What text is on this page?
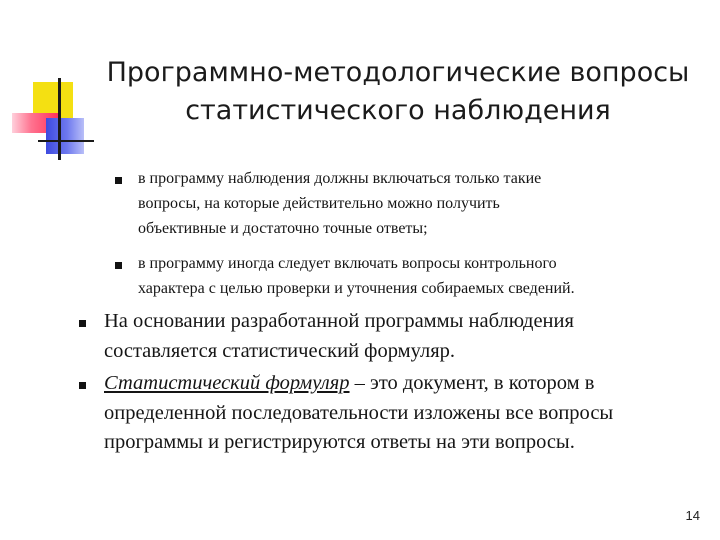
Программно-методологические вопросы
статистического наблюдения
в программу наблюдения должны включаться только такие
вопросы, на которые действительно можно получить
объективные и достаточно точные ответы;
в программу иногда следует включать вопросы контрольного
характера с целью проверки и уточнения собираемых сведений.
На основании разработанной программы наблюдения
составляется статистический формуляр.
Статистический формуляр – это документ, в котором в
определенной последовательности изложены все вопросы
программы и регистрируются ответы на эти вопросы.
14
